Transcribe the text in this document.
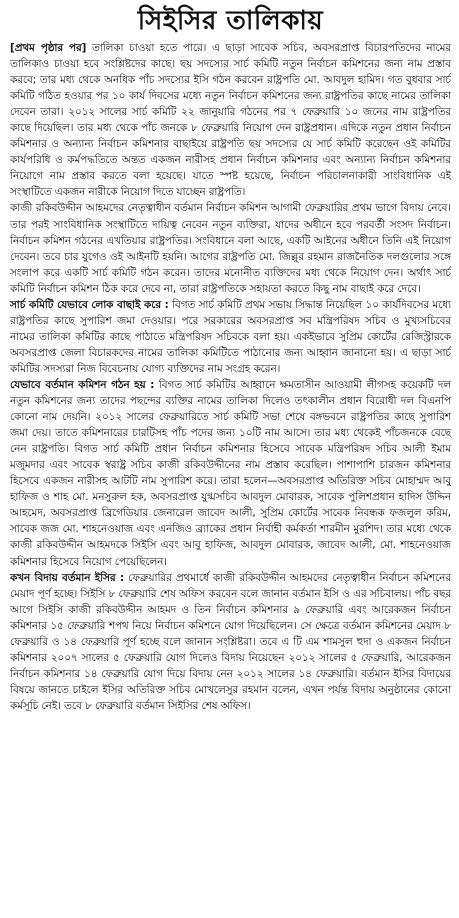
সিইসির তালিকায়

[প্রথম পৃষ্ঠার পর] তালিকা চাওয়া হতে পারে। এ ছাড়া সাবেক সচিব, অবসরপ্রাপ্ত বিচারপতিদের নামের তালিকাও চাওয়া হবে সংশ্লিষ্টদের কাছে। ছয় সদস্যের সার্চ কমিটি নতুন নির্বাচন কমিশনের জন্য নাম প্রস্তাব করবে; তার মধ্য থেকে অনধিক পাঁচ সদস্যের ইসি গঠন করবেন রাষ্ট্রপতি মো. আবদুল হামিদ। গত বুধবার সার্চ কমিটি গঠিত হওয়ার পর ১০ কার্য দিবসের মধ্যে নতুন নির্বাচন কমিশনের জন্য রাষ্ট্রপতির কাছে নামের তালিকা দেবেন তারা। ২০১২ সালের সার্চ কমিটি ২২ জানুয়ারি গঠনের পর ৭ ফেব্রুয়ারি ১০ জনের নাম রাষ্ট্রপতির কাছে দিয়েছিল। তার মধ্য থেকে পাঁচ জনকে ৮ ফেব্রুয়ারি নিয়োগ দেন রাষ্ট্রপ্রধান। এদিকে নতুন প্রধান নির্বাচন কমিশনার ও অন্যান্য নির্বাচন কমিশনার বাছাইয়ে রাষ্ট্রপতি ছয় সদস্যের যে সার্চ কমিটি করেছেন ওই কমিটির কার্যপরিধি ও কর্মপদ্ধতিতে অন্তত একজন নারীসহ প্রধান নির্বাচন কমিশনার এবং অন্যান্য নির্বাচন কমিশনার নিয়োগে নাম প্রস্তাব করতে বলা হয়েছে। যাতে স্পষ্ট হয়েছে, নির্বাচন পরিচালনাকারী সাংবিধানিক এই সংস্থাটিতে একজন নারীকে নিয়োগ দিতে যাচ্ছেন রাষ্ট্রপতি।

কাজী রকিবউদ্দীন আহমদের নেতৃত্বাধীন বর্তমান নির্বাচন কমিশন আগামী ফেব্রুয়ারির প্রথম ভাগে বিদায় নেবে। তার পরই সাংবিধানিক সংস্থাটিতে দায়িত্ব নেবেন নতুন ব্যক্তিরা, যাদের অধীনে হবে পরবর্তী সংসদ নির্বাচন। নির্বাচন কমিশন গঠনের এখতিয়ার রাষ্ট্রপতির। সংবিধানে বলা আছে, একটি আইনের অধীনে তিনি এই নিয়োগ দেবেন। তবে চার যুগেও ওই আইনটি হয়নি। আগের রাষ্ট্রপতি মো. জিল্লুর রহমান রাজনৈতিক দলগুলোর সঙ্গে সংলাপ করে একটি সার্চ কমিটি গঠন করেন। তাদের মনোনীত ব্যক্তিদের মধ্য থেকে নিয়োগ দেন। অর্থাৎ সার্চ কমিটি নির্বাচন কমিশন ঠিক করে দেবে না, তারা রাষ্ট্রপতিকে সহায়তা করতে কিছু নাম বাছাই করে দেবে।

সার্চ কমিটি যেভাবে লোক বাছাই করে : বিগত সার্চ কমিটি প্রথম সভায় সিদ্ধান্ত নিয়েছিল ১০ কার্যদিবসের মধ্যে রাষ্ট্রপতির কাছে সুপারিশ জমা দেওয়ার। পরে সরকারের অবসরপ্রাপ্ত সব মন্ত্রিপরিষদ সচিব ও মুখ্যসচিবের নামের তালিকা কমিটির কাছে পাঠাতে মন্ত্রিপরিষদ সচিবকে বলা হয়। একইভাবে সুপ্রিম কোর্টের রেজিস্ট্রারকে অবসরপ্রাপ্ত জেলা বিচারকদের নামের তালিকা কমিটিতে পাঠানোর জন্য আহ্বান জানানো হয়। এ ছাড়া সার্চ কমিটির সদস্যরা নিজ বিবেচনায় যোগ্য ব্যক্তিদের নাম সংগ্রহ করেন।

যেভাবে বর্তমান কমিশন গঠন হয় : বিগত সার্চ কমিটির আহ্বানে ক্ষমতাসীন আওয়ামী লীগসহ কয়েকটি দল নতুন কমিশনের জন্য তাদের পছন্দের ব্যক্তির নামের তালিকা দিলেও তৎকালীন প্রধান বিরোধী দল বিএনপি কোনো নাম দেয়নি। ২০১২ সালের ফেব্রুয়ারিতে সার্চ কমিটি সভা শেষে বঙ্গভবনে রাষ্ট্রপতির কাছে সুপারিশ জমা দেয়। তাতে কমিশনারের চারটিসহ পাঁচ পদের জন্য ১০টি নাম আসে। তার মধ্য থেকেই পাঁচজনকে বেছে নেন রাষ্ট্রপতি। বিগত সার্চ কমিটি প্রধান নির্বাচন কমিশনার হিসেবে সাবেক মন্ত্রিপরিষদ সচিব আলী ইমাম মজুমদার এবং সাবেক স্বরাষ্ট্র সচিব কাজী রকিবউদ্দীনের নাম প্রস্তাব করেছিল। পাশাপাশি চারজন কমিশনার হিসেবে একজন নারীসহ আটটি নাম সুপারিশ করে। তারা হলেন—অবসরপ্রাপ্ত অতিরিক্ত সচিব মোহাম্মদ আবু হাফিজ ও শাহ মো. মনসুরুল হক, অবসরপ্রাপ্ত যুগ্মসচিব আবদুল মোবারক, সাবেক পুলিশপ্রধান হাদিস উদ্দিন আহমেদ, অবসরপ্রাপ্ত ব্রিগেডিয়ার জেনারেল জাবেদ আলী, সুপ্রিম কোর্টের সাবেক নিবন্ধক ফজলুল করিম, সাবেক জজ মো. শাহনেওয়াজ এবং এনজিও ব্র্যাকের প্রধান নির্বাহী কর্মকর্তা শারমীন মুরশিদ। তার মধ্যে থেকে কাজী রকিবউদ্দীন আহমদকে সিইসি এবং আবু হাফিজ, আবদুল মোবারক, জাবেদ আলী, মো. শাহনেওয়াজ কমিশনার হিসেবে নিয়োগ পেয়েছিলেন।

কখন বিদায় বর্তমান ইসির : ফেব্রুয়ারির প্রথমার্ধে কাজী রকিবউদ্দীন আহমদের নেতৃত্বাধীন নির্বাচন কমিশনের মেয়াদ পূর্ণ হচ্ছে। সিইসি ৮ ফেব্রুয়ারি শেষ অফিস করবেন বলে জানান বর্তমান ইসি ও এর সচিবালয়। পাঁচ বছর আগে সিইসি কাজী রকিবউদ্দীন আহমদ ও তিন নির্বাচন কমিশনার ৯ ফেব্রুয়ারি এবং আরেকজন নির্বাচন কমিশনার ১৫ ফেব্রুয়ারি শপথ নিয়ে নির্বাচন কমিশনে যোগ দিয়েছিলেন। সে ক্ষেত্রে বর্তমান কমিশনের মেয়াদ ৮ ফেব্রুয়ারি ও ১৪ ফেব্রুয়ারি পূর্ণ হচ্ছে বলে জানান সংশ্লিষ্টরা। তবে এ টি এম শামসুল হুদা ও একজন নির্বাচন কমিশনার ২০০৭ সালের ৫ ফেব্রুয়ারি যোগ দিলেও বিদায় নিয়েছেন ২০১২ সালের ৫ ফেব্রুয়ারি, আরেকজন নির্বাচন কমিশনার ১৪ ফেব্রুয়ারি যোগ দিয়ে বিদায় নেন ২০১২ সালের ১৪ ফেব্রুয়ারি। বর্তমান ইসির বিদায়ের বিষয়ে জানতে চাইলে ইসির অতিরিক্ত সচিব মোখলেসুর রহমান বলেন, এখন পর্যন্ত বিদায় অনুষ্ঠানের কোনো কর্মসূচি নেই। তবে ৮ ফেব্রুয়ারি বর্তমান সিইসির শেষ অফিস।
